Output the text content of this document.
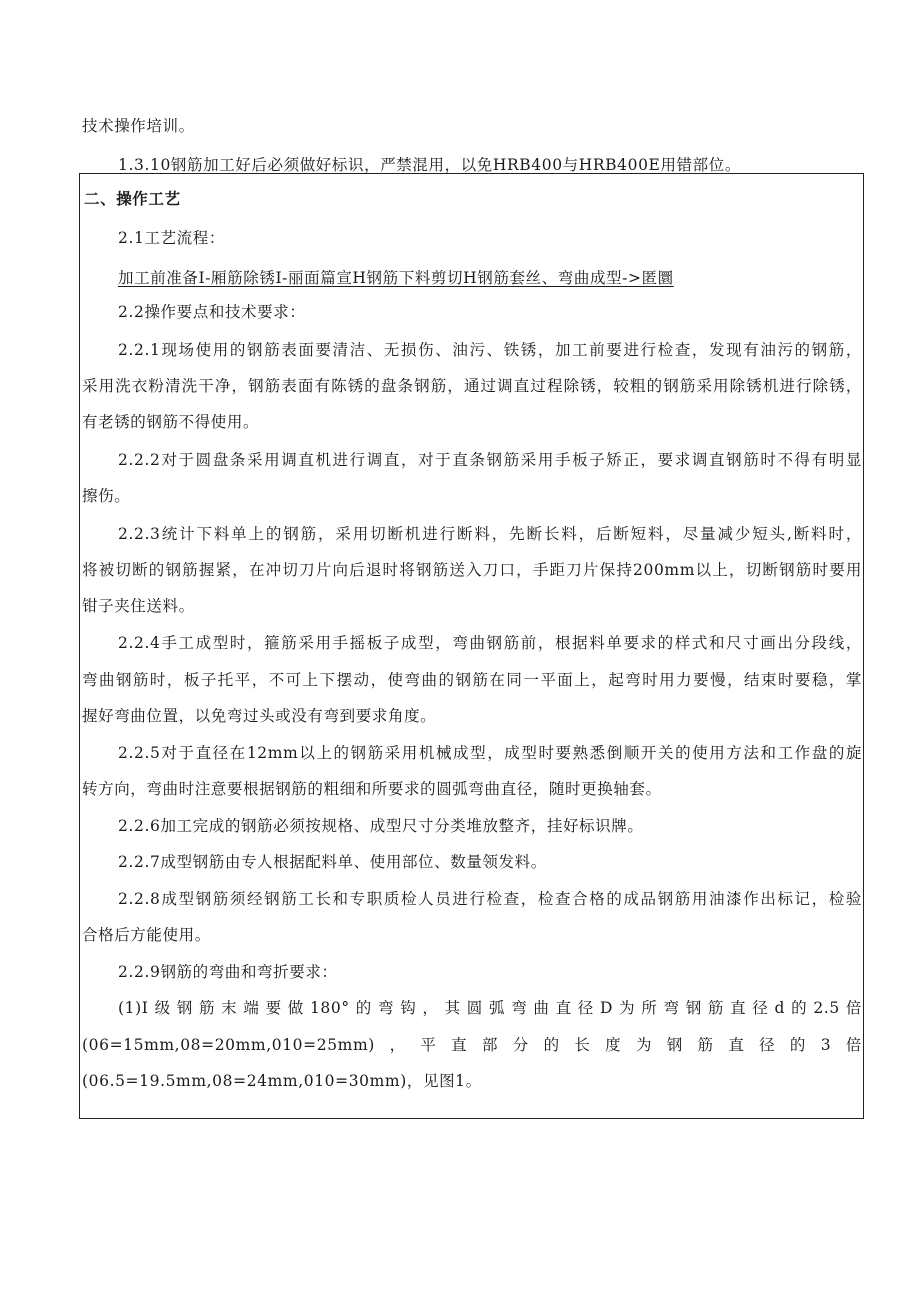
技术操作培训。
1.3.10钢筋加工好后必须做好标识，严禁混用，以免HRB400与HRB400E用错部位。
二、操作工艺
2.1工艺流程：
加工前准备I-厢筋除锈I-丽面篇宣H钢筋下料剪切H钢筋套丝、弯曲成型->匿圜
2.2操作要点和技术要求：
2.2.1现场使用的钢筋表面要清洁、无损伤、油污、铁锈，加工前要进行检查，发现有油污的钢筋，
采用洗衣粉清洗干净，钢筋表面有陈锈的盘条钢筋，通过调直过程除锈，较粗的钢筋采用除锈机进行除锈，
有老锈的钢筋不得使用。
2.2.2对于圆盘条采用调直机进行调直，对于直条钢筋采用手板子矫正，要求调直钢筋时不得有明显
擦伤。
2.2.3统计下料单上的钢筋，采用切断机进行断料，先断长料，后断短料，尽量减少短头,断料时，
将被切断的钢筋握紧，在冲切刀片向后退时将钢筋送入刀口，手距刀片保持200mm以上，切断钢筋时要用
钳子夹住送料。
2.2.4手工成型时，箍筋采用手摇板子成型，弯曲钢筋前，根据料单要求的样式和尺寸画出分段线，
弯曲钢筋时，板子托平，不可上下摆动，使弯曲的钢筋在同一平面上，起弯时用力要慢，结束时要稳，掌
握好弯曲位置，以免弯过头或没有弯到要求角度。
2.2.5对于直径在12mm以上的钢筋采用机械成型，成型时要熟悉倒顺开关的使用方法和工作盘的旋
转方向，弯曲时注意要根据钢筋的粗细和所要求的圆弧弯曲直径，随时更换轴套。
2.2.6加工完成的钢筋必须按规格、成型尺寸分类堆放整齐，挂好标识牌。
2.2.7成型钢筋由专人根据配料单、使用部位、数量领发料。
2.2.8成型钢筋须经钢筋工长和专职质检人员进行检查，检查合格的成品钢筋用油漆作出标记，检验
合格后方能使用。
2.2.9钢筋的弯曲和弯折要求：
(1)I级钢筋末端要做180°的弯钩，其圆弧弯曲直径D为所弯钢筋直径d的2.5倍
(06=15mm,08=20mm,010=25mm)，平直部分的长度为钢筋直径的3倍
(06.5=19.5mm,08=24mm,010=30mm)，见图1。
